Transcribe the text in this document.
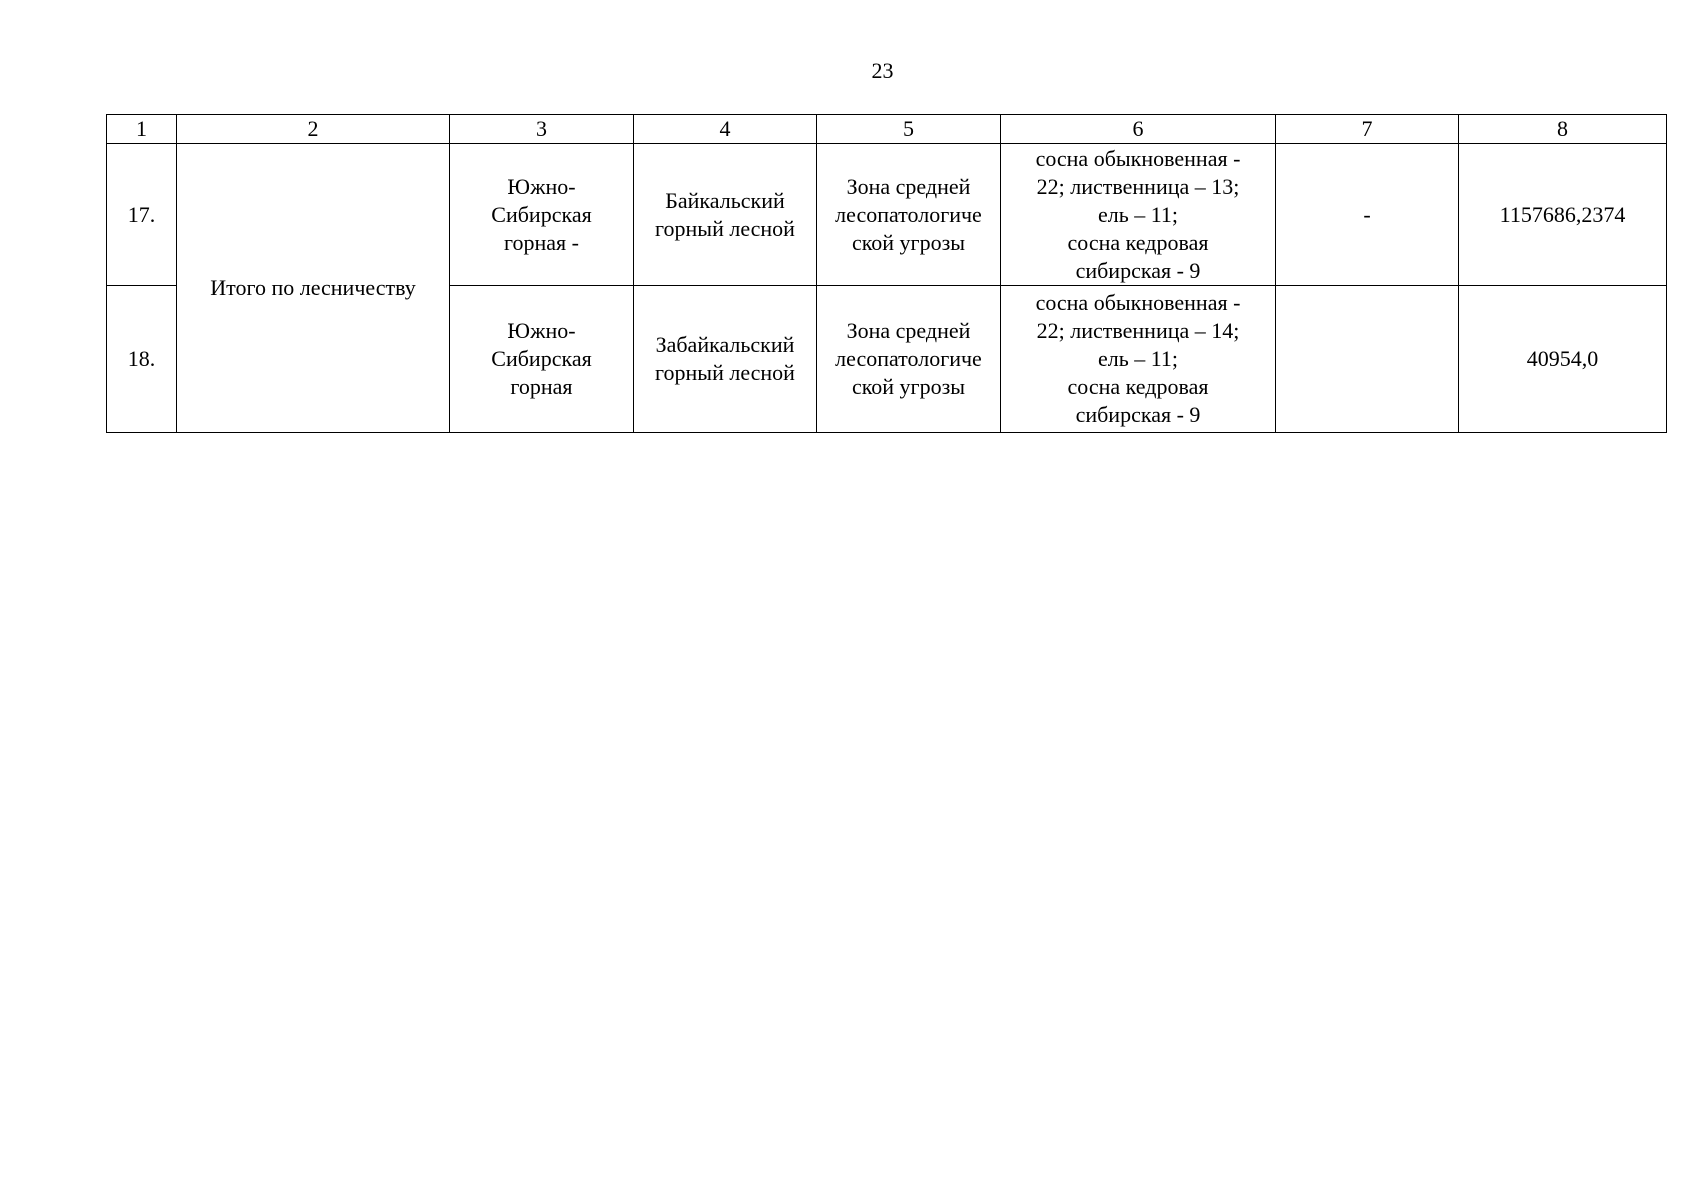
23
1	2	3	4	5	6	7	8
17.	Итого по лесничеству	Южно-
Сибирская
горная -	Байкальский
горный лесной	Зона средней
лесопатологиче
ской угрозы	сосна обыкновенная -
22; лиственница – 13;
ель – 11;
сосна кедровая
сибирская - 9	-	1157686,2374
18.		Южно-
Сибирская
горная	Забайкальский
горный лесной	Зона средней
лесопатологиче
ской угрозы	сосна обыкновенная -
22; лиственница – 14;
ель – 11;
сосна кедровая
сибирская - 9		40954,0
